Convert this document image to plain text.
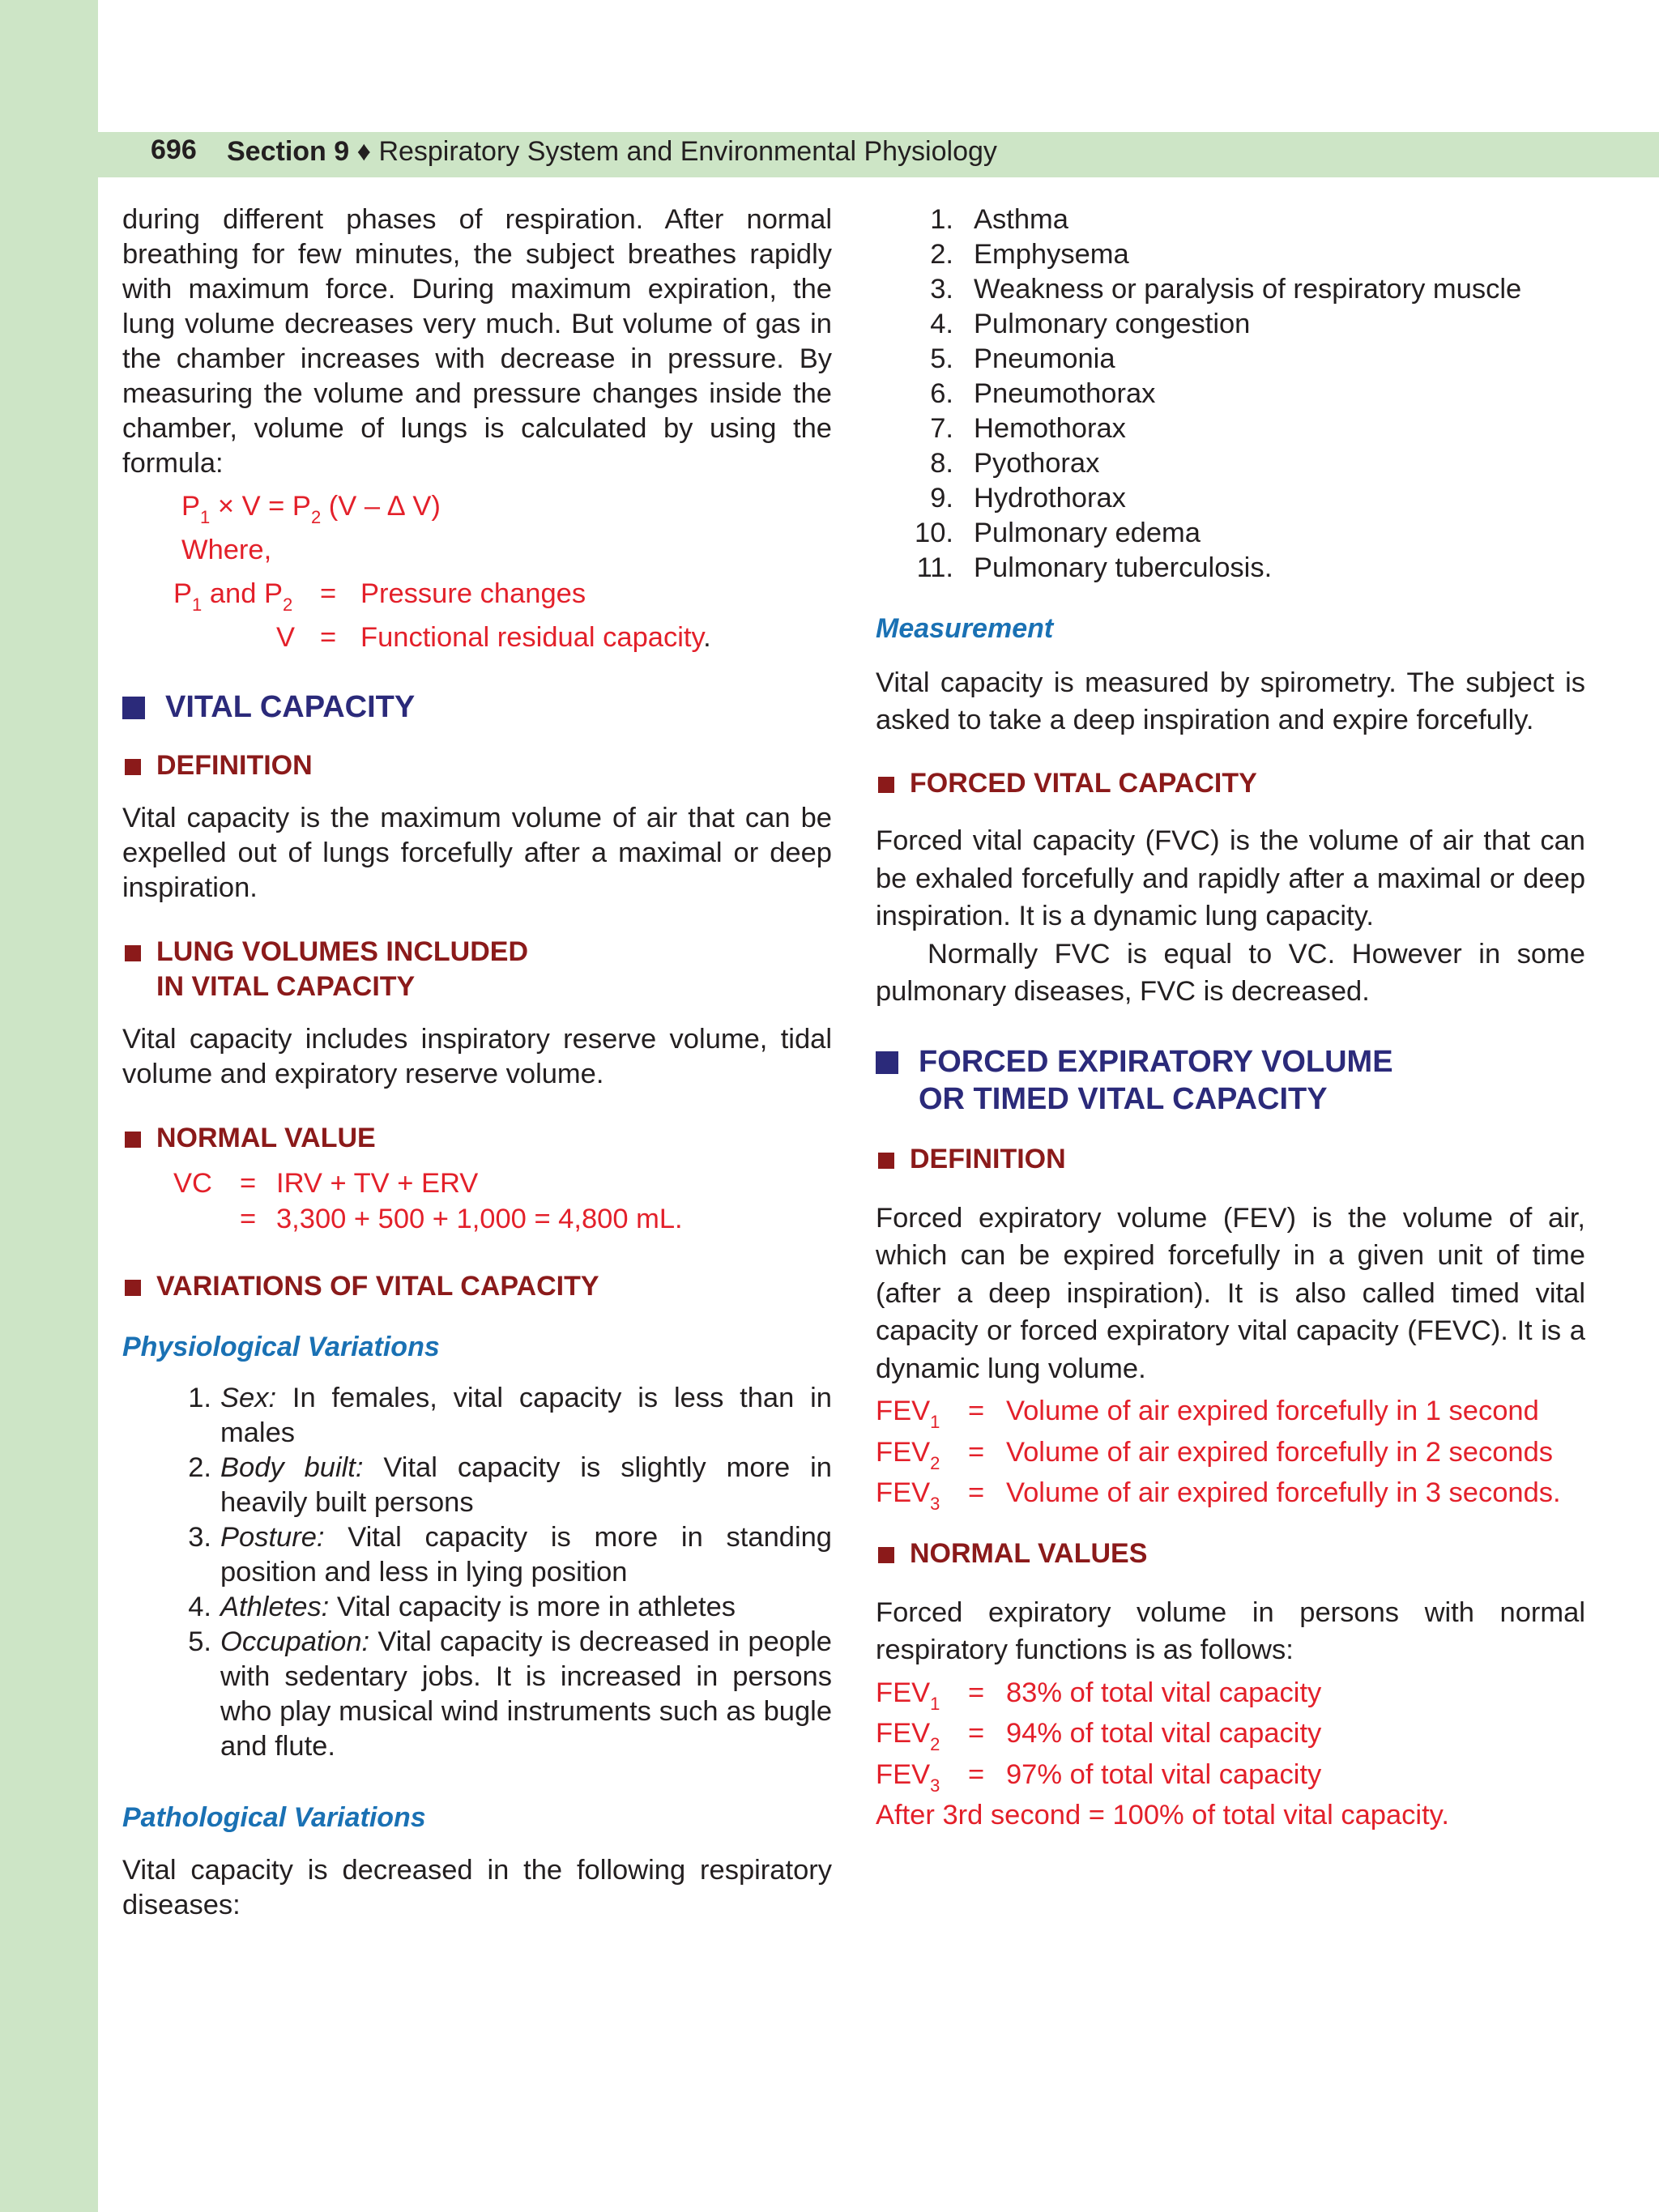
696 Section 9 ♦ Respiratory System and Environmental Physiology

during different phases of respiration. After normal breathing for few minutes, the subject breathes rapidly with maximum force. During maximum expiration, the lung volume decreases very much. But volume of gas in the chamber increases with decrease in pressure. By measuring the volume and pressure changes inside the chamber, volume of lungs is calculated by using the formula:

$P_1 \times V = P_2$ (V – ∆ V)
Where,
$P_1$ and $P_2$ = Pressure changes
V = Functional residual capacity.
VITAL CAPACITY
DEFINITION

Vital capacity is the maximum volume of air that can be expelled out of lungs forcefully after a maximal or deep inspiration.

LUNG VOLUMES INCLUDED
IN VITAL CAPACITY

Vital capacity includes inspiratory reserve volume, tidal volume and expiratory reserve volume.

NORMAL VALUE
VC = IRV + TV + ERV
= 3,300 + 500 + 1,000 = 4,800 mL.
VARIATIONS OF VITAL CAPACITY
Physiological Variations
1. Sex: In females, vital capacity is less than in males
2. Body built: Vital capacity is slightly more in heavily built persons
3. Posture: Vital capacity is more in standing position and less in lying position
4. Athletes: Vital capacity is more in athletes
5. Occupation: Vital capacity is decreased in people with sedentary jobs. It is increased in persons who play musical wind instruments such as bugle and flute.
Pathological Variations

Vital capacity is decreased in the following respiratory diseases:

1. Asthma
2. Emphysema
3. Weakness or paralysis of respiratory muscle
4. Pulmonary congestion
5. Pneumonia
6. Pneumothorax
7. Hemothorax
8. Pyothorax
9. Hydrothorax
10. Pulmonary edema
11. Pulmonary tuberculosis.
Measurement

Vital capacity is measured by spirometry. The subject is asked to take a deep inspiration and expire forcefully.

FORCED VITAL CAPACITY

Forced vital capacity (FVC) is the volume of air that can be exhaled forcefully and rapidly after a maximal or deep inspiration. It is a dynamic lung capacity.

Normally FVC is equal to VC. However in some pulmonary diseases, FVC is decreased.

FORCED EXPIRATORY VOLUME
OR TIMED VITAL CAPACITY
DEFINITION

Forced expiratory volume (FEV) is the volume of air, which can be expired forcefully in a given unit of time (after a deep inspiration). It is also called timed vital capacity or forced expiratory vital capacity (FEVC). It is a dynamic lung volume.

$FEV_1$ = Volume of air expired forcefully in 1 second
$FEV_2$ = Volume of air expired forcefully in 2 seconds
$FEV_3$ = Volume of air expired forcefully in 3 seconds.
NORMAL VALUES

Forced expiratory volume in persons with normal respiratory functions is as follows:

$FEV_1 = 83\%$ of total vital capacity
$FEV_2 = 94\%$ of total vital capacity
$FEV_3 = 97\%$ of total vital capacity
After 3rd second = 100% of total vital capacity.
